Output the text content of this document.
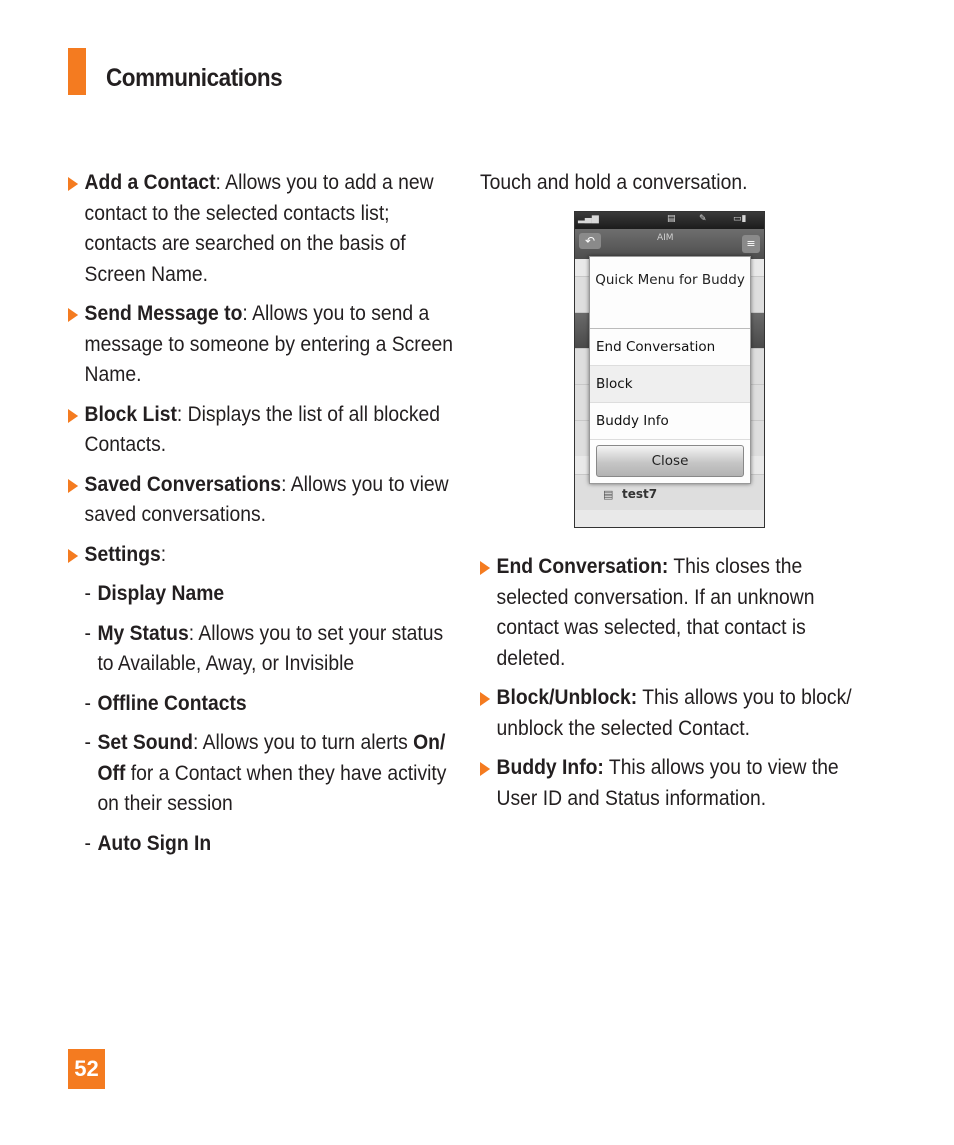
Communications
Add a Contact: Allows you to add a new contact to the selected contacts list; contacts are searched on the basis of Screen Name.
Send Message to: Allows you to send a message to someone by entering a Screen Name.
Block List: Displays the list of all blocked Contacts.
Saved Conversations: Allows you to view saved conversations.
Settings:
- Display Name
- My Status: Allows you to set your status to Available, Away, or Invisible
- Offline Contacts
- Set Sound: Allows you to turn alerts On/ Off for a Contact when they have activity on their session
- Auto Sign In
Touch and hold a conversation.
▂▄▆	▤	✎	▭▮
↶	AIM	≡
▤ test7
Quick Menu for Buddy
End Conversation
Block
Buddy Info
Close
End Conversation: This closes the selected conversation. If an unknown contact was selected, that contact is deleted.
Block/Unblock: This allows you to block/ unblock the selected Contact.
Buddy Info: This allows you to view the User ID and Status information.
52
